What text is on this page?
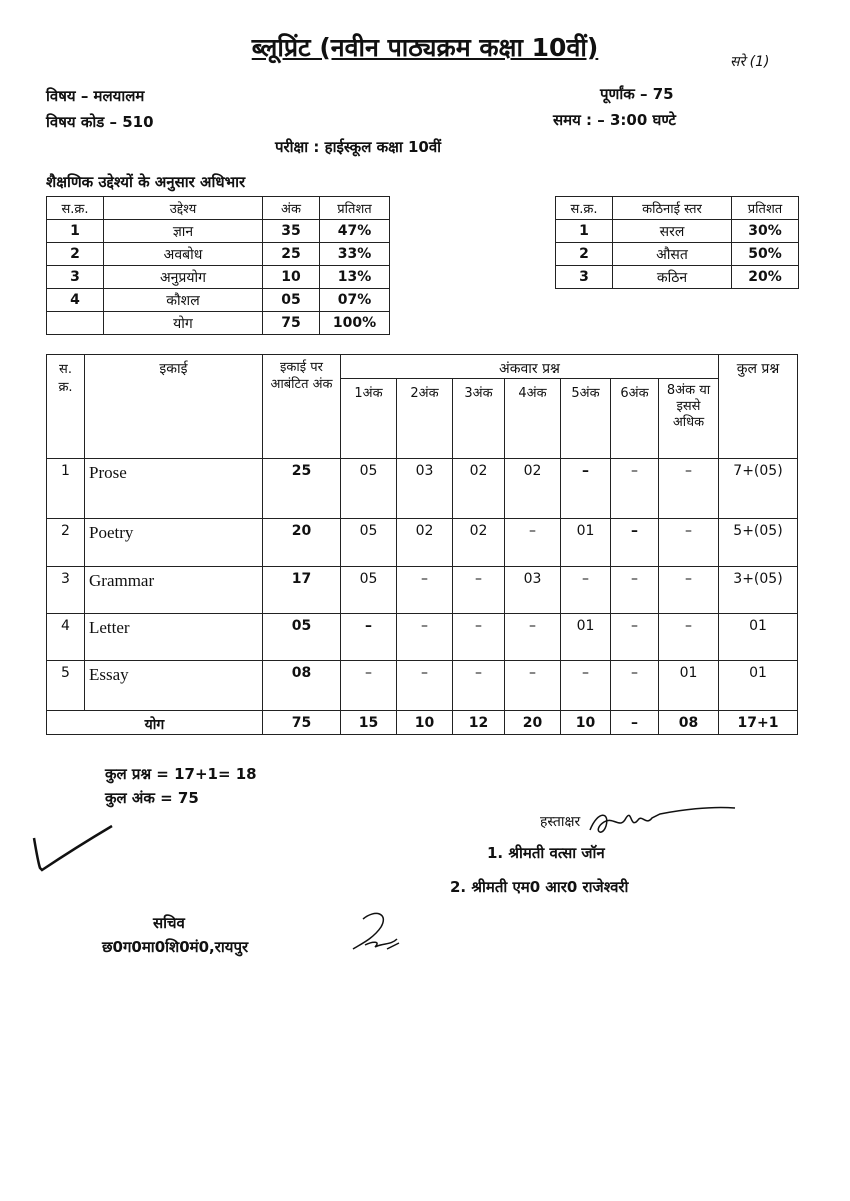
ब्लूप्रिंट (नवीन पाठ्यक्रम कक्षा 10वीं)	सरे (1)
विषय – मलयालम
विषय कोड – 510
पूर्णांक – 75
समय : – 3:00 घण्टे
परीक्षा : हाईस्कूल कक्षा 10वीं
शैक्षणिक उद्देश्यों के अनुसार अधिभार
स.क्र.	उद्देश्य	अंक	प्रतिशत
1	ज्ञान	35	47%
2	अवबोध	25	33%
3	अनुप्रयोग	10	13%
4	कौशल	05	07%
	योग	75	100%
स.क्र.	कठिनाई स्तर	प्रतिशत
1	सरल	30%
2	औसत	50%
3	कठिन	20%
स. क्र.	इकाई	इकाई पर आबंटित अंक	अंकवार प्रश्न							कुल प्रश्न
			1अंक	2अंक	3अंक	4अंक	5अंक	6अंक	8अंक या इससे अधिक	
1	Prose	25	05	03	02	02	–	–	–	7+(05)
2	Poetry	20	05	02	02	–	01	–	–	5+(05)
3	Grammar	17	05	–	–	03	–	–	–	3+(05)
4	Letter	05	–	–	–	–	01	–	–	01
5	Essay	08	–	–	–	–	–	–	01	01
योग		75	15	10	12	20	10	–	08	17+1
कुल प्रश्न = 17+1= 18
कुल अंक = 75
हस्ताक्षर
1. श्रीमती वत्सा जॉन
2. श्रीमती एम0 आर0 राजेश्वरी
सचिव
छ0ग0मा0शि0मं0,रायपुर
